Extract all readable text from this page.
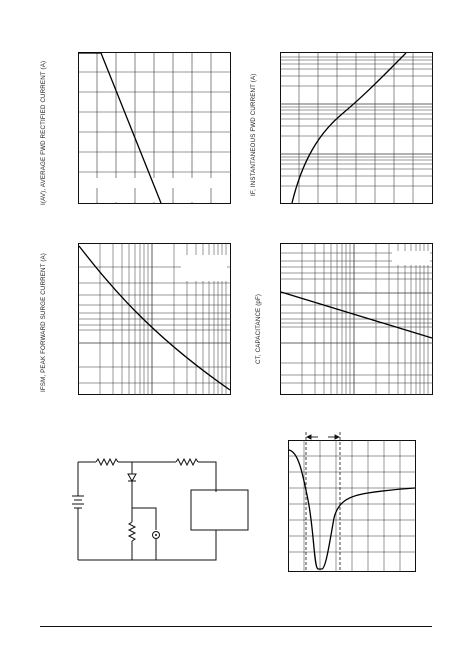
I(AV), AVERAGE FWD RECTIFIED CURRENT (A)	IF, INSTANTANEOUS FWD CURRENT (A)
IFSM, PEAK FORWARD SURGE CURRENT (A)	CT, CAPACITANCE (pF)
